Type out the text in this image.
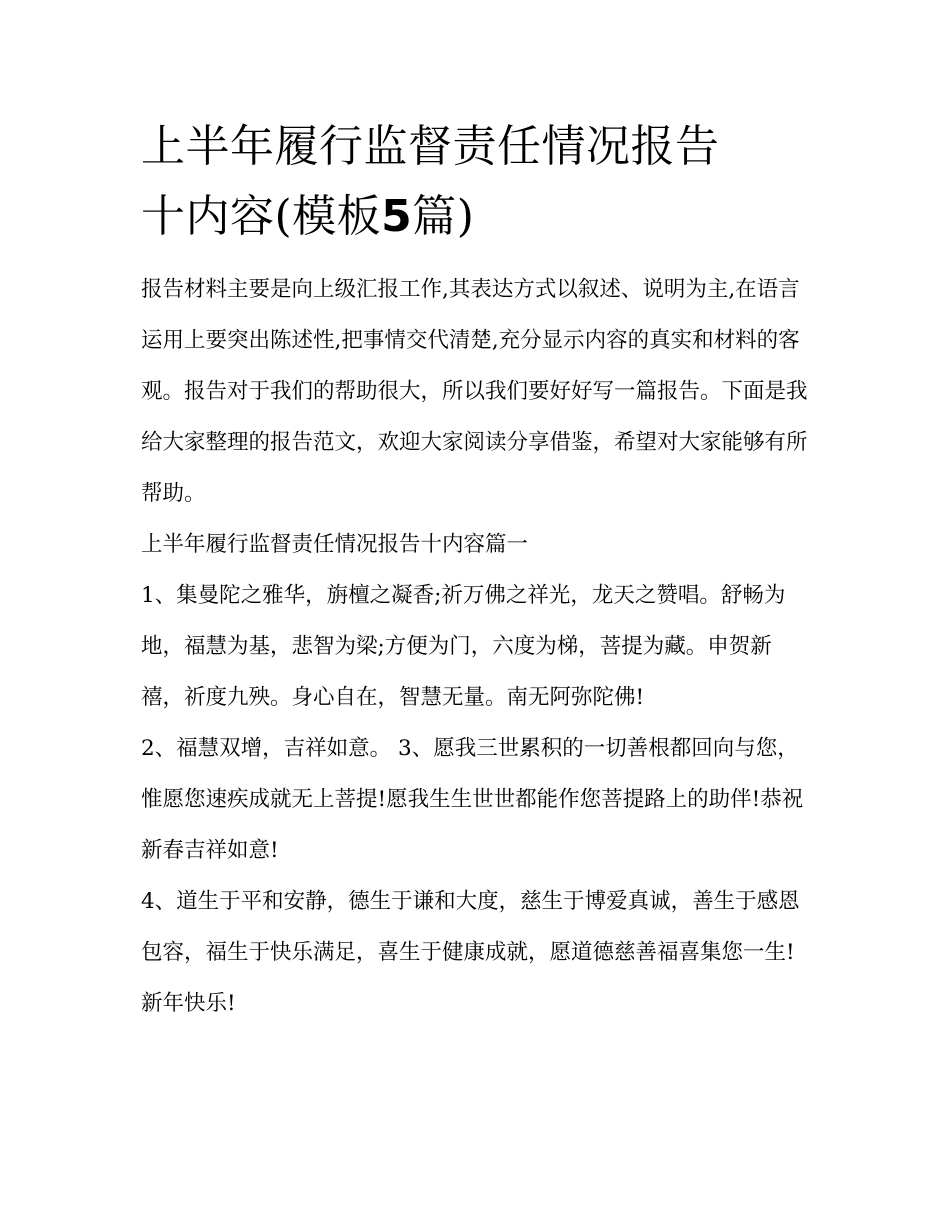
上半年履行监督责任情况报告
十内容(模板5篇)

报告材料主要是向上级汇报工作,其表达方式以叙述、说明为主,在语言运用上要突出陈述性,把事情交代清楚,充分显示内容的真实和材料的客观。报告对于我们的帮助很大，所以我们要好好写一篇报告。下面是我给大家整理的报告范文，欢迎大家阅读分享借鉴，希望对大家能够有所帮助。

上半年履行监督责任情况报告十内容篇一

1、集曼陀之雅华，旃檀之凝香;祈万佛之祥光，龙天之赞唱。舒畅为地，福慧为基，悲智为梁;方便为门，六度为梯，菩提为藏。申贺新禧，祈度九殃。身心自在，智慧无量。南无阿弥陀佛!

2、福慧双增，吉祥如意。 3、愿我三世累积的一切善根都回向与您，惟愿您速疾成就无上菩提!愿我生生世世都能作您菩提路上的助伴!恭祝新春吉祥如意!

4、道生于平和安静，德生于谦和大度，慈生于博爱真诚，善生于感恩包容，福生于快乐满足，喜生于健康成就，愿道德慈善福喜集您一生!新年快乐!
